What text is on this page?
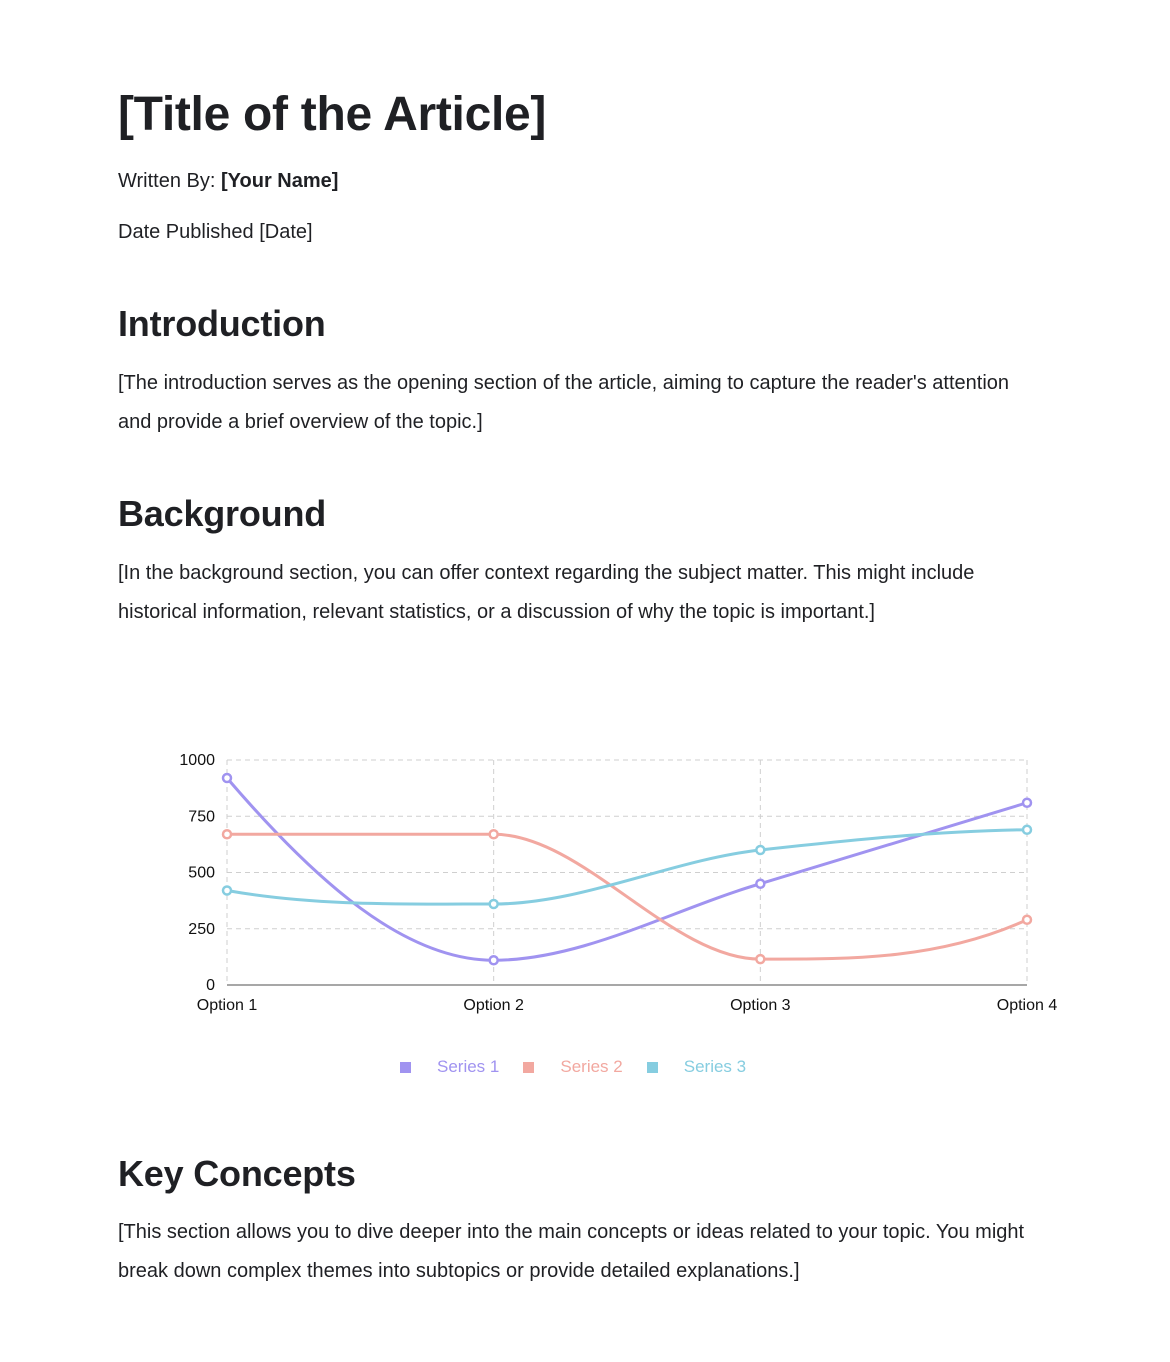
[Title of the Article]

Written By: [Your Name]

Date Published [Date]

Introduction

[The introduction serves as the opening section of the article, aiming to capture the reader's attention and provide a brief overview of the topic.]

Background

[In the background section, you can offer context regarding the subject matter. This might include historical information, relevant statistics, or a discussion of why the topic is important.]

Key Concepts

[This section allows you to dive deeper into the main concepts or ideas related to your topic. You might break down complex themes into subtopics or provide detailed explanations.]

0
250
500
750
1000
Option 1	Option 2	Option 3	Option 4
Series 1	Series 2	Series 3
